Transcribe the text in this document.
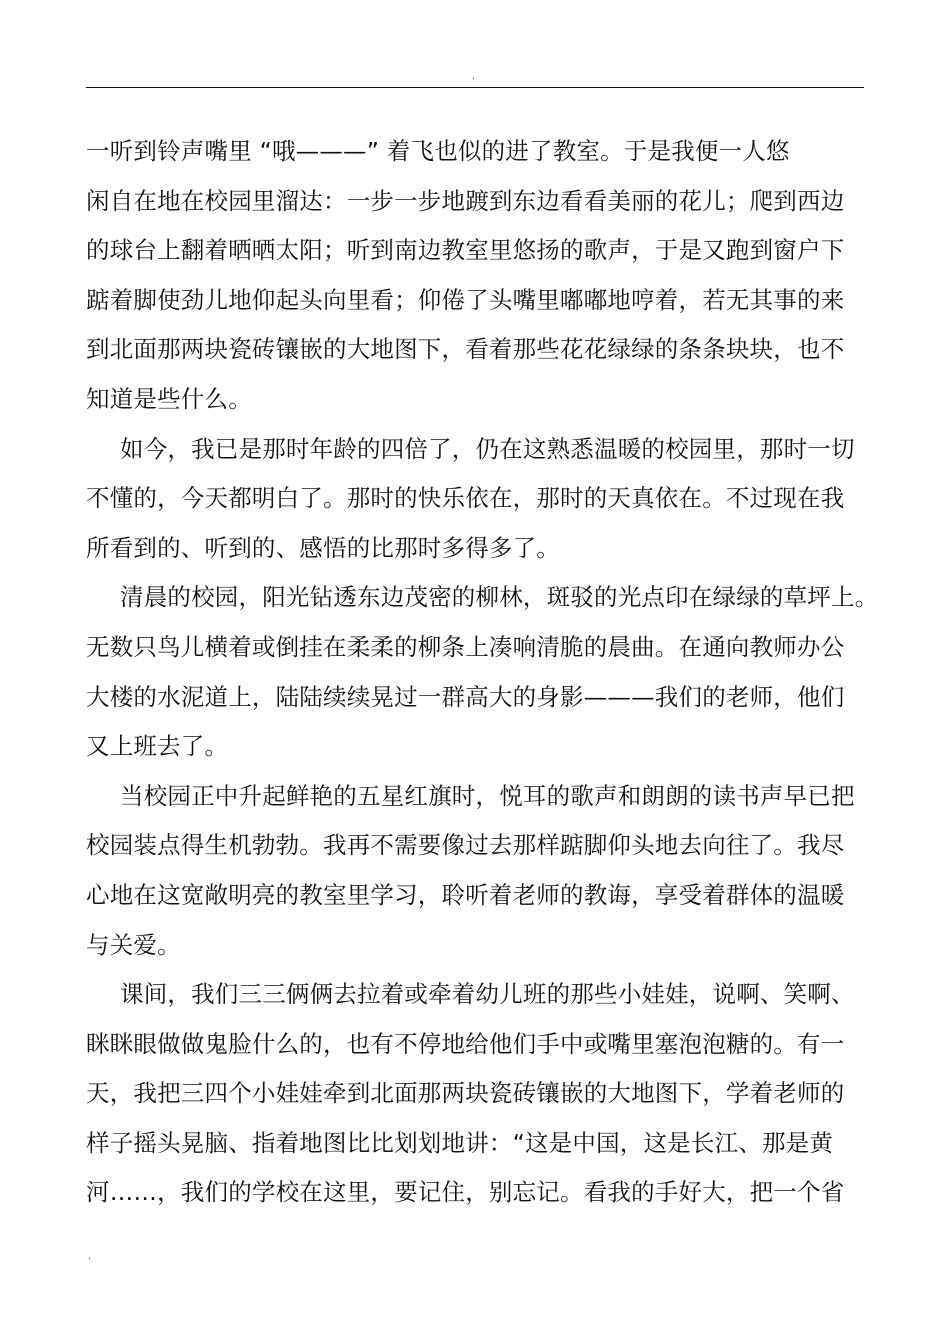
.
一听到铃声嘴里 “哦———” 着飞也似的进了教室。于是我便一人悠
闲自在地在校园里溜达：一步一步地踱到东边看看美丽的花儿；爬到西边
的球台上翻着晒晒太阳；听到南边教室里悠扬的歌声，于是又跑到窗户下
踮着脚使劲儿地仰起头向里看；仰倦了头嘴里嘟嘟地哼着，若无其事的来
到北面那两块瓷砖镶嵌的大地图下，看着那些花花绿绿的条条块块，也不
知道是些什么。
如今，我已是那时年龄的四倍了，仍在这熟悉温暖的校园里，那时一切
不懂的，今天都明白了。那时的快乐依在，那时的天真依在。不过现在我
所看到的、听到的、感悟的比那时多得多了。
清晨的校园，阳光钻透东边茂密的柳林，斑驳的光点印在绿绿的草坪上。
无数只鸟儿横着或倒挂在柔柔的柳条上凑响清脆的晨曲。在通向教师办公
大楼的水泥道上，陆陆续续晃过一群高大的身影———我们的老师，他们
又上班去了。
当校园正中升起鲜艳的五星红旗时，悦耳的歌声和朗朗的读书声早已把
校园装点得生机勃勃。我再不需要像过去那样踮脚仰头地去向往了。我尽
心地在这宽敞明亮的教室里学习，聆听着老师的教诲，享受着群体的温暖
与关爱。
课间，我们三三俩俩去拉着或牵着幼儿班的那些小娃娃，说啊、笑啊、
眯眯眼做做鬼脸什么的，也有不停地给他们手中或嘴里塞泡泡糖的。有一
天，我把三四个小娃娃牵到北面那两块瓷砖镶嵌的大地图下，学着老师的
样子摇头晃脑、指着地图比比划划地讲：“这是中国，这是长江、那是黄
河……，我们的学校在这里，要记住，别忘记。看我的手好大，把一个省
.
